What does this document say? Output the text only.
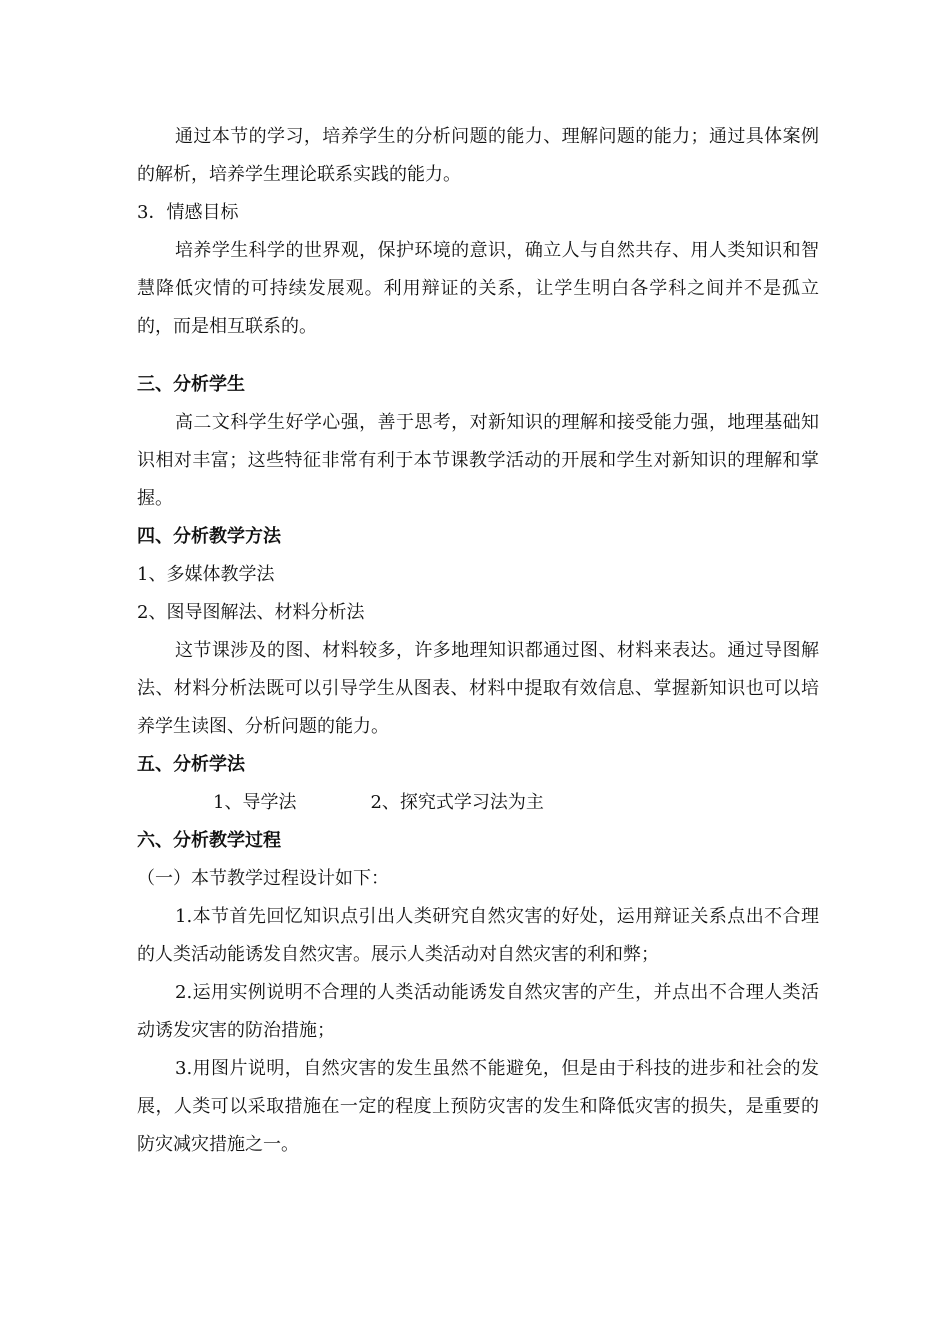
通过本节的学习，培养学生的分析问题的能力、理解问题的能力；通过具体案例的解析，培养学生理论联系实践的能力。

3．情感目标

培养学生科学的世界观，保护环境的意识，确立人与自然共存、用人类知识和智慧降低灾情的可持续发展观。利用辩证的关系，让学生明白各学科之间并不是孤立的，而是相互联系的。

三、分析学生

高二文科学生好学心强，善于思考，对新知识的理解和接受能力强，地理基础知识相对丰富；这些特征非常有利于本节课教学活动的开展和学生对新知识的理解和掌握。

四、分析教学方法

1、多媒体教学法

2、图导图解法、材料分析法

这节课涉及的图、材料较多，许多地理知识都通过图、材料来表达。通过导图解法、材料分析法既可以引导学生从图表、材料中提取有效信息、掌握新知识也可以培养学生读图、分析问题的能力。

五、分析学法

1、导学法	2、探究式学习法为主

六、分析教学过程

（一）本节教学过程设计如下：

1.本节首先回忆知识点引出人类研究自然灾害的好处，运用辩证关系点出不合理的人类活动能诱发自然灾害。展示人类活动对自然灾害的利和弊；

2.运用实例说明不合理的人类活动能诱发自然灾害的产生，并点出不合理人类活动诱发灾害的防治措施；

3.用图片说明，自然灾害的发生虽然不能避免，但是由于科技的进步和社会的发展，人类可以采取措施在一定的程度上预防灾害的发生和降低灾害的损失，是重要的防灾减灾措施之一。
